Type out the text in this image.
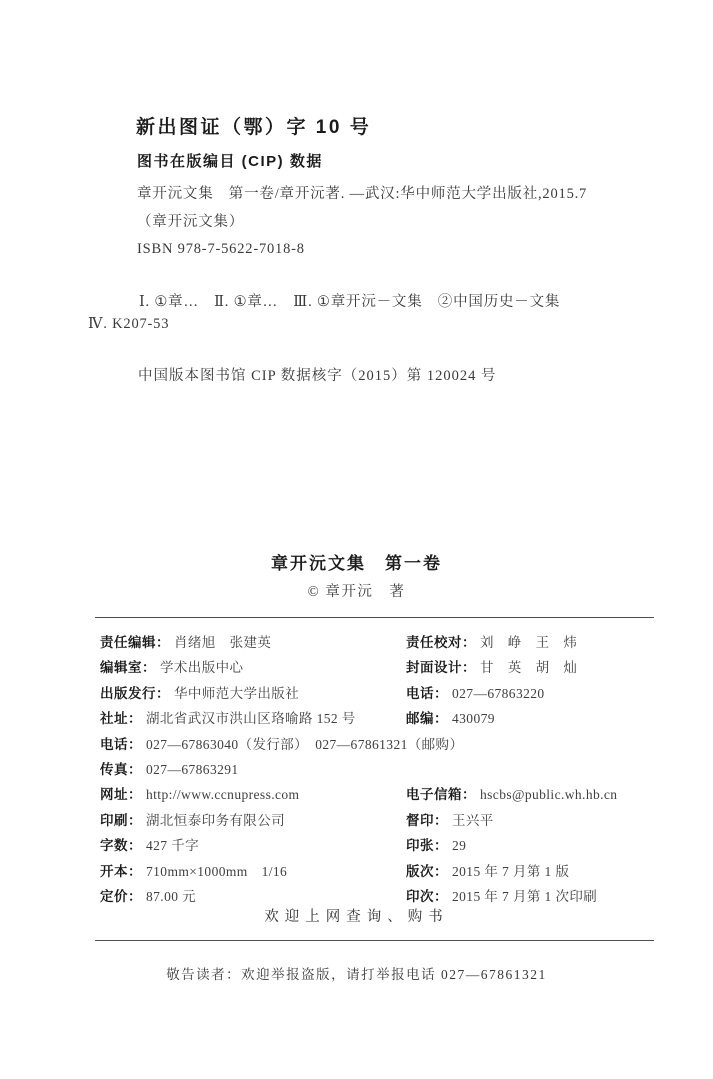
新出图证（鄂）字 10 号
图书在版编目 (CIP) 数据
章开沅文集　第一卷/章开沅著. —武汉:华中师范大学出版社,2015.7
（章开沅文集）
ISBN 978-7-5622-7018-8
Ⅰ. ①章…　Ⅱ. ①章…　Ⅲ. ①章开沅－文集　②中国历史－文集
Ⅳ. K207-53
中国版本图书馆 CIP 数据核字（2015）第 120024 号
章开沅文集　第一卷
© 章开沅　著
责任编辑： 肖绪旭　张建英	责任校对： 刘　峥　王　炜
编辑室： 学术出版中心	封面设计： 甘　英　胡　灿
出版发行： 华中师范大学出版社	电话： 027—67863220
社址： 湖北省武汉市洪山区珞喻路 152 号	邮编： 430079
电话： 027—67863040（发行部）　027—67861321（邮购）
传真： 027—67863291
网址： http://www.ccnupress.com	电子信箱： hscbs@public.wh.hb.cn
印刷： 湖北恒泰印务有限公司	督印： 王兴平
字数： 427 千字	印张： 29
开本： 710mm×1000mm　1/16	版次： 2015 年 7 月第 1 版
定价： 87.00 元	印次： 2015 年 7 月第 1 次印刷
欢迎上网查询、购书
敬告读者：欢迎举报盗版，请打举报电话 027—67861321
